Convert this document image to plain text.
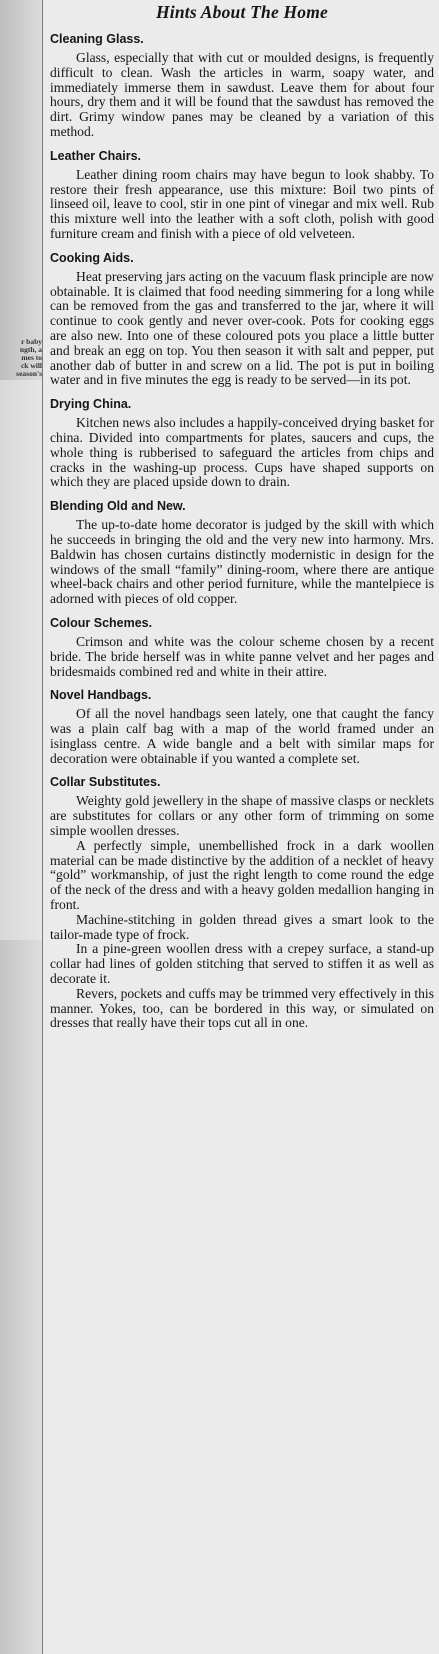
r baby
ngth, a
mes to
ck will
season's
Hints About The Home
Cleaning Glass.

Glass, especially that with cut or moulded designs, is frequently difficult to clean. Wash the articles in warm, soapy water, and immediately immerse them in sawdust. Leave them for about four hours, dry them and it will be found that the sawdust has removed the dirt. Grimy window panes may be cleaned by a variation of this method.

Leather Chairs.

Leather dining room chairs may have begun to look shabby. To restore their fresh appearance, use this mixture: Boil two pints of linseed oil, leave to cool, stir in one pint of vinegar and mix well. Rub this mixture well into the leather with a soft cloth, polish with good furniture cream and finish with a piece of old velveteen.

Cooking Aids.

Heat preserving jars acting on the vacuum flask principle are now obtainable. It is claimed that food needing simmering for a long while can be removed from the gas and transferred to the jar, where it will continue to cook gently and never over-cook. Pots for cooking eggs are also new. Into one of these coloured pots you place a little butter and break an egg on top. You then season it with salt and pepper, put another dab of butter in and screw on a lid. The pot is put in boiling water and in five minutes the egg is ready to be served—in its pot.

Drying China.

Kitchen news also includes a happily-conceived drying basket for china. Divided into compartments for plates, saucers and cups, the whole thing is rubberised to safeguard the articles from chips and cracks in the washing-up process. Cups have shaped supports on which they are placed upside down to drain.

Blending Old and New.

The up-to-date home decorator is judged by the skill with which he succeeds in bringing the old and the very new into harmony. Mrs. Baldwin has chosen curtains distinctly modernistic in design for the windows of the small “family” dining-room, where there are antique wheel-back chairs and other period furniture, while the mantelpiece is adorned with pieces of old copper.

Colour Schemes.

Crimson and white was the colour scheme chosen by a recent bride. The bride herself was in white panne velvet and her pages and bridesmaids combined red and white in their attire.

Novel Handbags.

Of all the novel handbags seen lately, one that caught the fancy was a plain calf bag with a map of the world framed under an isinglass centre. A wide bangle and a belt with similar maps for decoration were obtainable if you wanted a complete set.

Collar Substitutes.

Weighty gold jewellery in the shape of massive clasps or necklets are substitutes for collars or any other form of trimming on some simple woollen dresses.

A perfectly simple, unembellished frock in a dark woollen material can be made distinctive by the addition of a necklet of heavy “gold” workmanship, of just the right length to come round the edge of the neck of the dress and with a heavy golden medallion hanging in front.

Machine-stitching in golden thread gives a smart look to the tailor-made type of frock.

In a pine-green woollen dress with a crepey surface, a stand-up collar had lines of golden stitching that served to stiffen it as well as decorate it.

Revers, pockets and cuffs may be trimmed very effectively in this manner. Yokes, too, can be bordered in this way, or simulated on dresses that really have their tops cut all in one.
